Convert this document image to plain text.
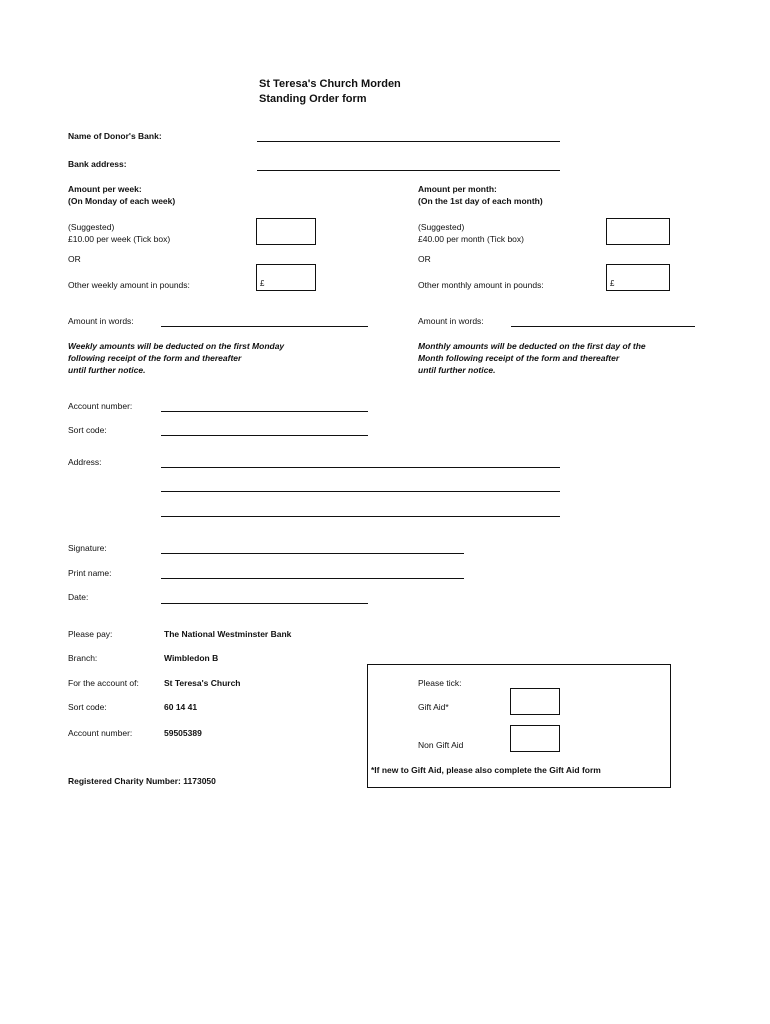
St Teresa's Church Morden
Standing Order form
Name of Donor's Bank:
Bank address:
Amount per week:
(On Monday of each week)
(Suggested)
£10.00 per week (Tick box)
OR
Other weekly amount in pounds:	£
Amount in words:
Weekly amounts will be deducted on the first Monday
following receipt of the form and thereafter
until further notice.
Amount per month:
(On the 1st day of each month)
(Suggested)
£40.00 per month (Tick box)
OR
Other monthly amount in pounds:	£
Amount in words:
Monthly amounts will be deducted on the first day of the
Month following receipt of the form and thereafter
until further notice.
Account number:
Sort code:
Address:
Signature:
Print name:
Date:
Please pay:	The National Westminster Bank
Branch:	Wimbledon B
For the account of:	St Teresa's Church
Sort code:	60 14 41
Account number:	59505389
Registered Charity Number: 1173050
Please tick:
Gift Aid*
Non Gift Aid
*If new to Gift Aid, please also complete the Gift Aid form
